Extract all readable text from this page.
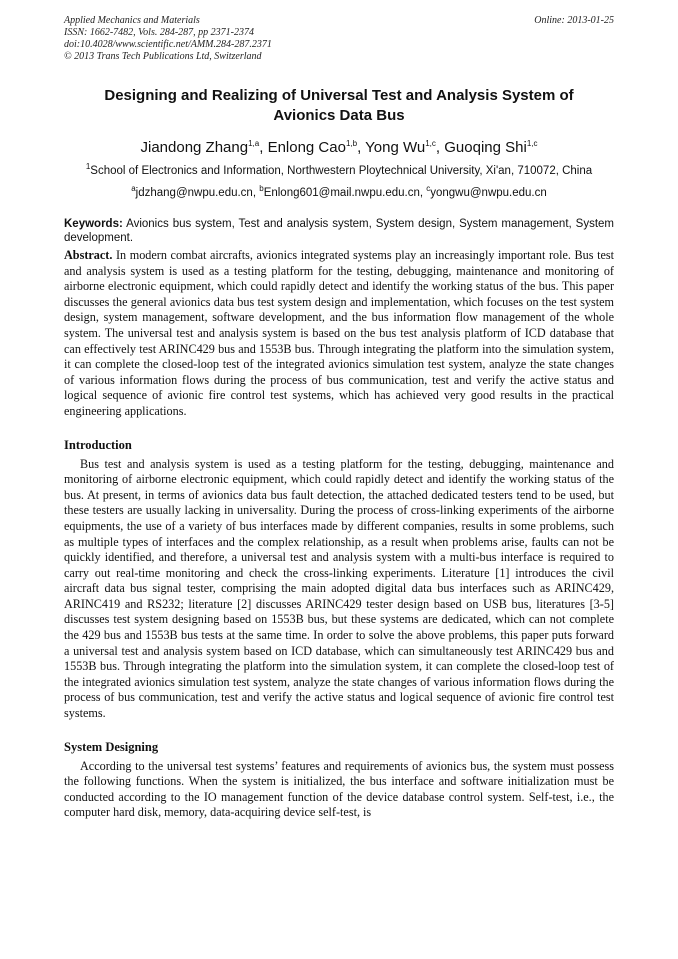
Applied Mechanics and Materials
ISSN: 1662-7482, Vols. 284-287, pp 2371-2374
doi:10.4028/www.scientific.net/AMM.284-287.2371
© 2013 Trans Tech Publications Ltd, Switzerland
Online: 2013-01-25
Designing and Realizing of Universal Test and Analysis System of Avionics Data Bus
Jiandong Zhang$^{1,a}$, Enlong Cao$^{1,b}$, Yong Wu$^{1,c}$, Guoqing Shi$^{1,c}$
$^1$School of Electronics and Information, Northwestern Ploytechnical University, Xi'an, 710072, China
$^a$jdzhang@nwpu.edu.cn, $^b$Enlong601@mail.nwpu.edu.cn, $^c$yongwu@nwpu.edu.cn
Keywords: Avionics bus system, Test and analysis system, System design, System management, System development.
Abstract. In modern combat aircrafts, avionics integrated systems play an increasingly important role. Bus test and analysis system is used as a testing platform for the testing, debugging, maintenance and monitoring of airborne electronic equipment, which could rapidly detect and identify the working status of the bus. This paper discusses the general avionics data bus test system design and implementation, which focuses on the test system design, system management, software development, and the bus information flow management of the whole system. The universal test and analysis system is based on the bus test analysis platform of ICD database that can effectively test ARINC429 bus and 1553B bus. Through integrating the platform into the simulation system, it can complete the closed-loop test of the integrated avionics simulation test system, analyze the state changes of various information flows during the process of bus communication, test and verify the active status and logical sequence of avionic fire control test systems, which has achieved very good results in the practical engineering applications.
Introduction

Bus test and analysis system is used as a testing platform for the testing, debugging, maintenance and monitoring of airborne electronic equipment, which could rapidly detect and identify the working status of the bus. At present, in terms of avionics data bus fault detection, the attached dedicated testers tend to be used, but these testers are usually lacking in universality. During the process of cross-linking experiments of the airborne equipments, the use of a variety of bus interfaces made by different companies, results in some problems, such as multiple types of interfaces and the complex relationship, as a result when problems arise, faults can not be quickly identified, and therefore, a universal test and analysis system with a multi-bus interface is required to carry out real-time monitoring and check the cross-linking experiments. Literature [1] introduces the civil aircraft data bus signal tester, comprising the main adopted digital data bus interfaces such as ARINC429, ARINC419 and RS232; literature [2] discusses ARINC429 tester design based on USB bus, literatures [3-5] discusses test system designing based on 1553B bus, but these systems are dedicated, which can not complete the 429 bus and 1553B bus tests at the same time. In order to solve the above problems, this paper puts forward a universal test and analysis system based on ICD database, which can simultaneously test ARINC429 bus and 1553B bus. Through integrating the platform into the simulation system, it can complete the closed-loop test of the integrated avionics simulation test system, analyze the state changes of various information flows during the process of bus communication, test and verify the active status and logical sequence of avionic fire control test systems.

System Designing

According to the universal test systems’ features and requirements of avionics bus, the system must possess the following functions. When the system is initialized, the bus interface and software initialization must be conducted according to the IO management function of the device database control system. Self-test, i.e., the computer hard disk, memory, data-acquiring device self-test, is
